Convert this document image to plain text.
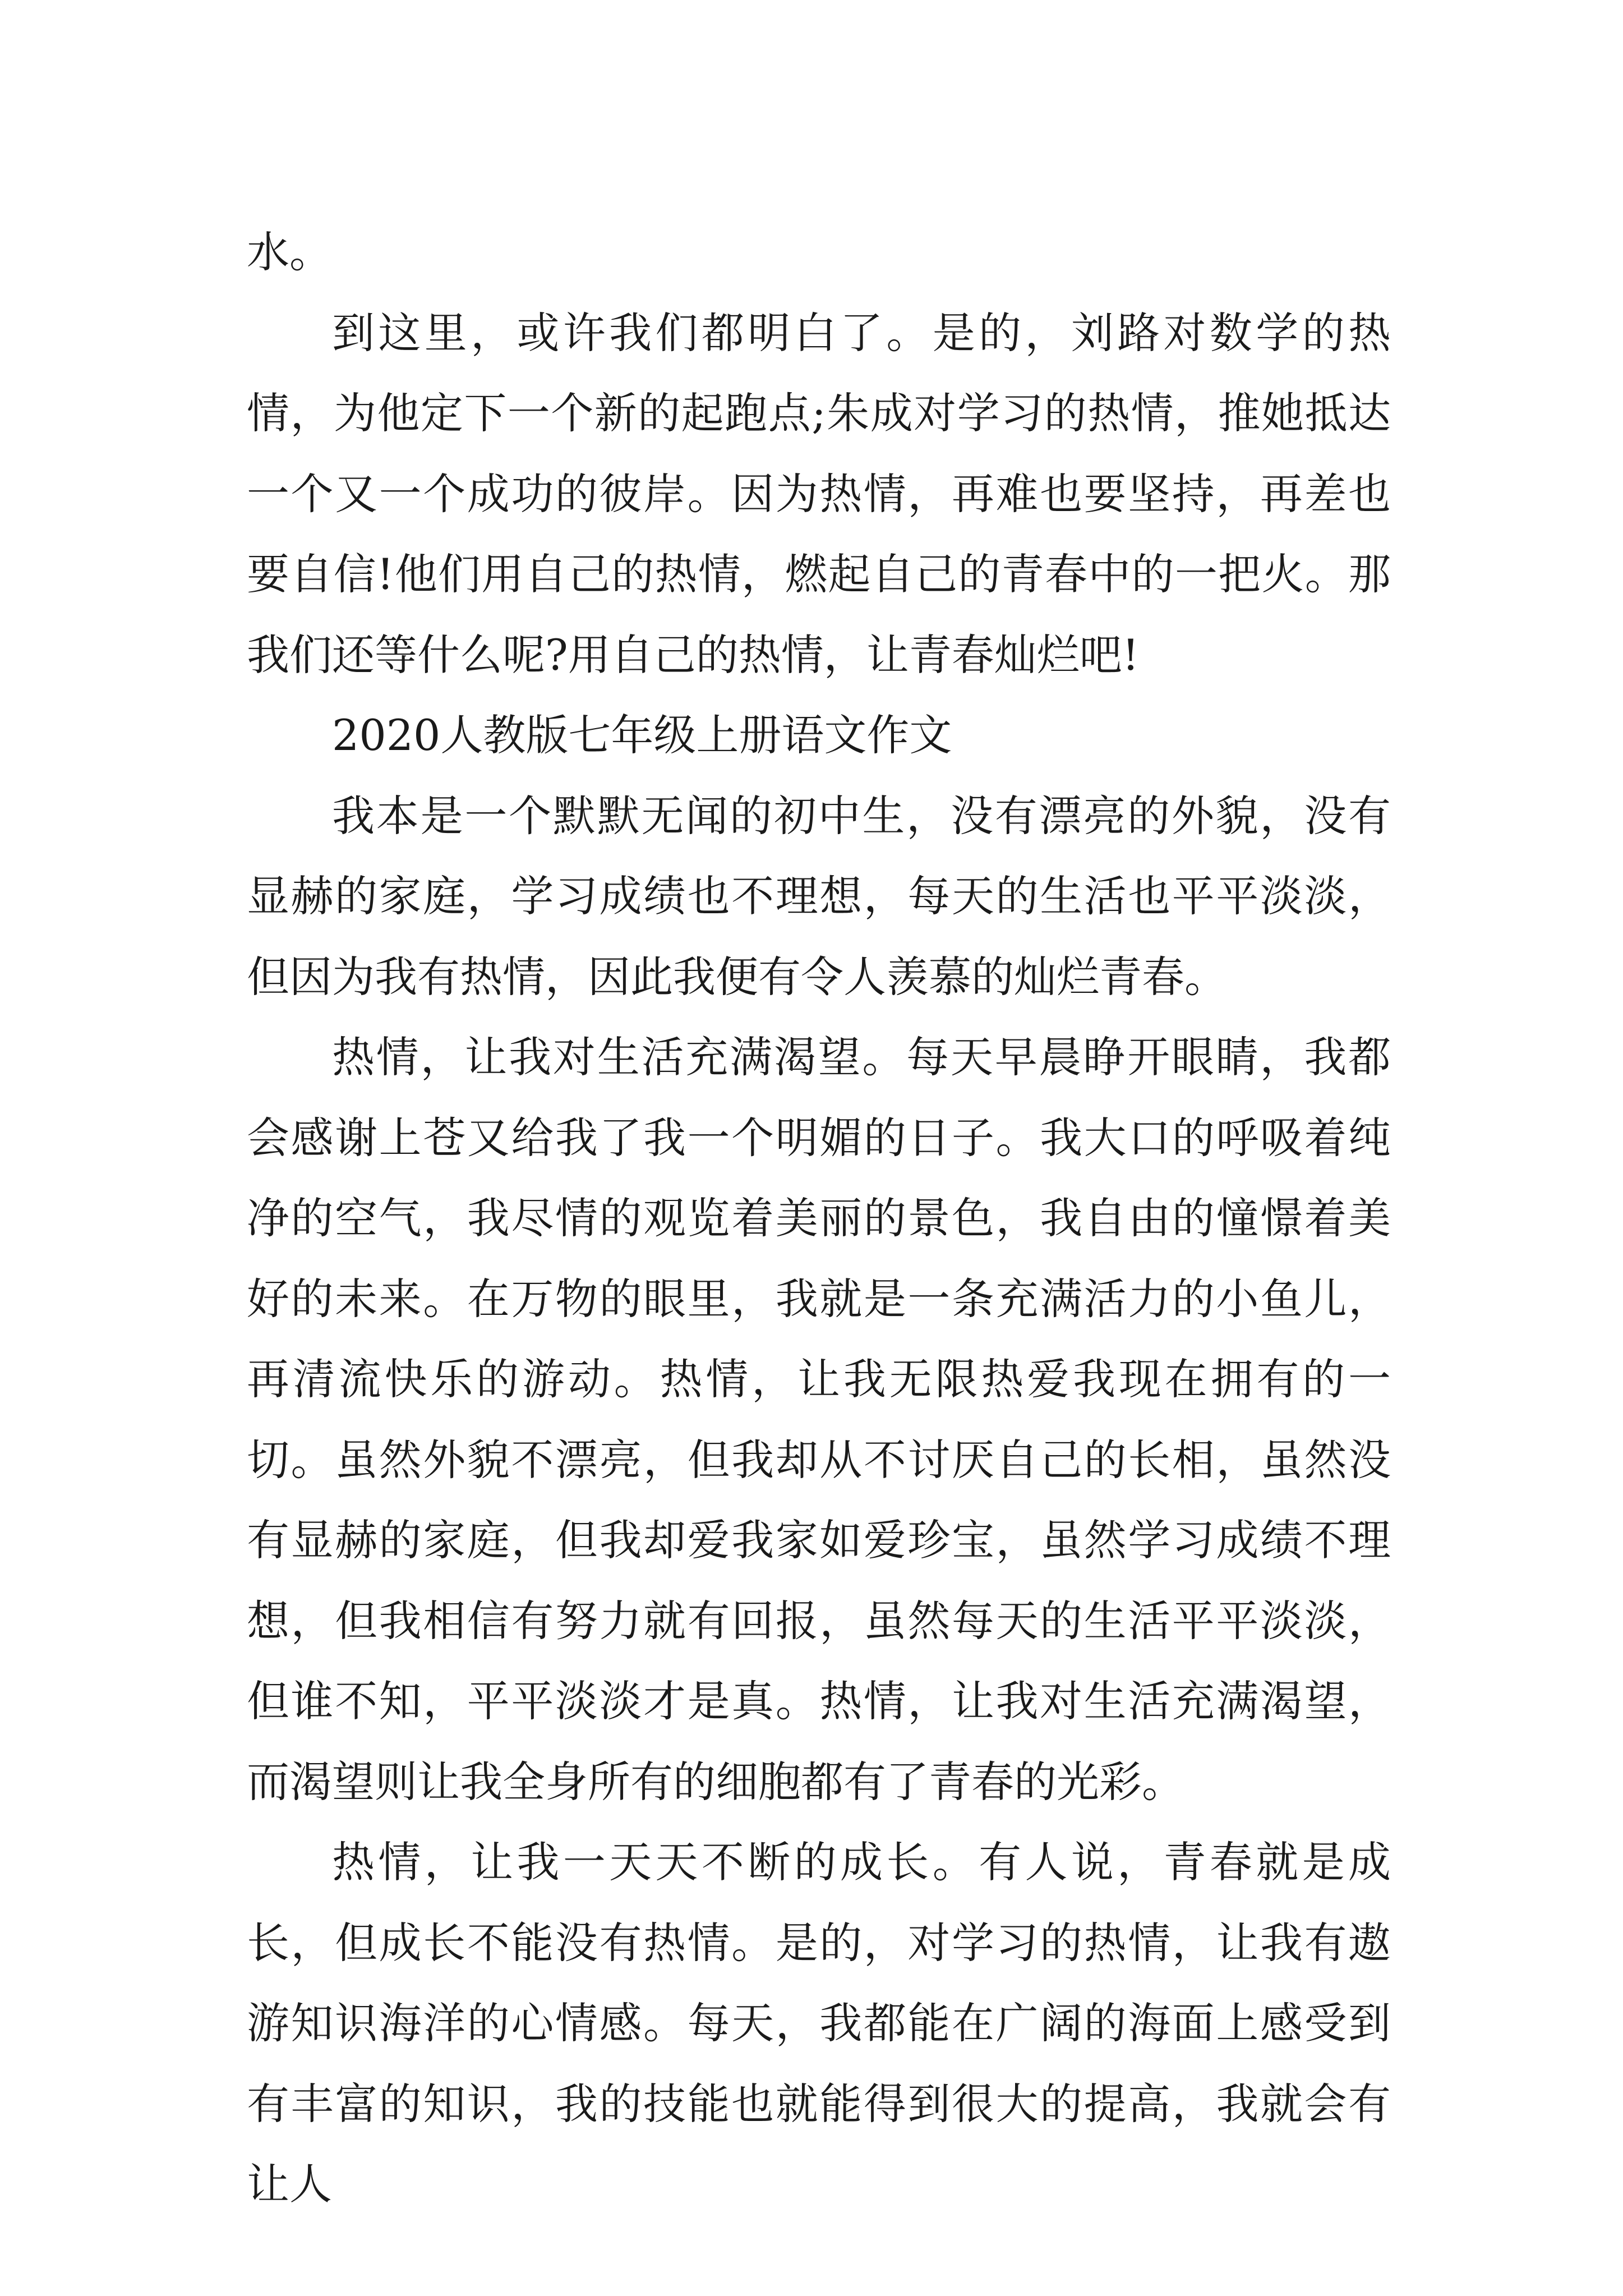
水。

到这里，或许我们都明白了。是的，刘路对数学的热情，为他定下一个新的起跑点;朱成对学习的热情，推她抵达一个又一个成功的彼岸。因为热情，再难也要坚持，再差也要自信!他们用自己的热情，燃起自己的青春中的一把火。那我们还等什么呢?用自己的热情，让青春灿烂吧!

2020人教版七年级上册语文作文

我本是一个默默无闻的初中生，没有漂亮的外貌，没有显赫的家庭，学习成绩也不理想，每天的生活也平平淡淡，但因为我有热情，因此我便有令人羡慕的灿烂青春。

热情，让我对生活充满渴望。每天早晨睁开眼睛，我都会感谢上苍又给我了我一个明媚的日子。我大口的呼吸着纯净的空气，我尽情的观览着美丽的景色，我自由的憧憬着美好的未来。在万物的眼里，我就是一条充满活力的小鱼儿，再清流快乐的游动。热情，让我无限热爱我现在拥有的一切。虽然外貌不漂亮，但我却从不讨厌自己的长相，虽然没有显赫的家庭，但我却爱我家如爱珍宝，虽然学习成绩不理想，但我相信有努力就有回报，虽然每天的生活平平淡淡，但谁不知，平平淡淡才是真。热情，让我对生活充满渴望，而渴望则让我全身所有的细胞都有了青春的光彩。

热情，让我一天天不断的成长。有人说，青春就是成长，但成长不能没有热情。是的，对学习的热情，让我有遨游知识海洋的心情感。每天，我都能在广阔的海面上感受到有丰富的知识，我的技能也就能得到很大的提高，我就会有让人
